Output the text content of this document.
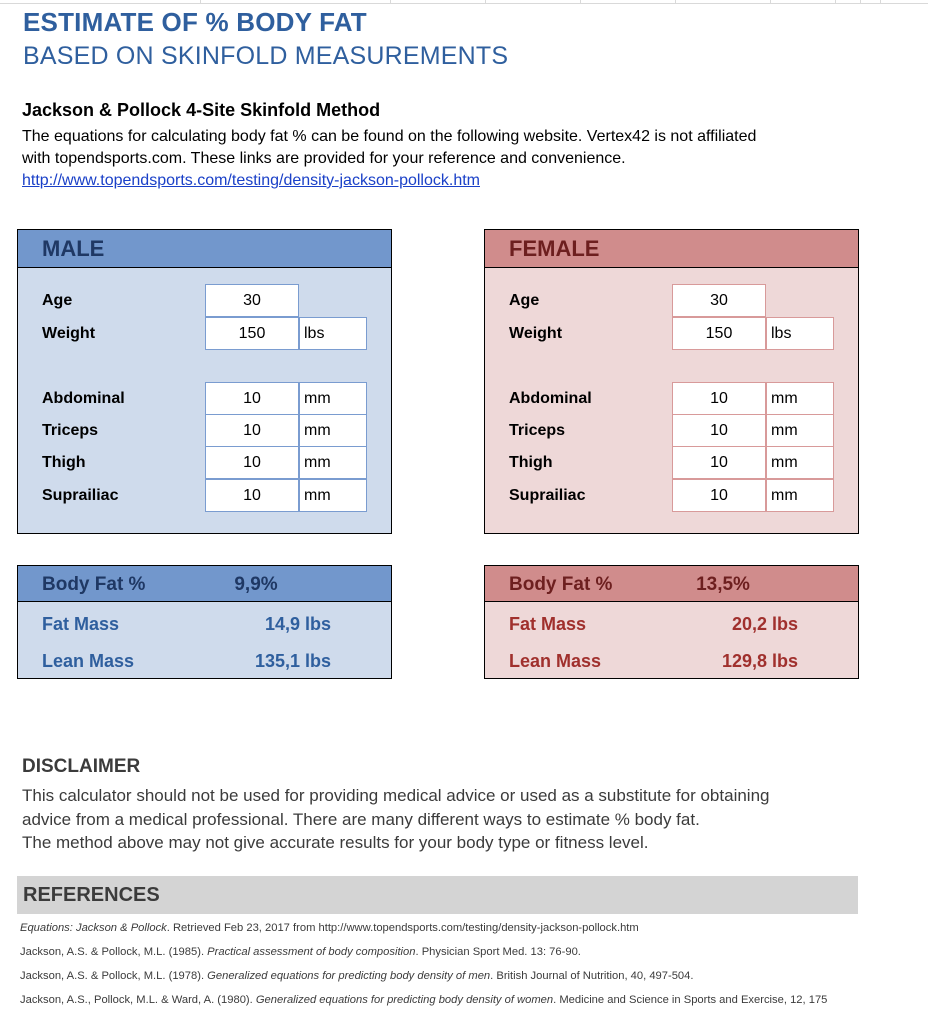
ESTIMATE OF % BODY FAT
BASED ON SKINFOLD MEASUREMENTS
Jackson & Pollock 4-Site Skinfold Method
The equations for calculating body fat % can be found on the following website. Vertex42 is not affiliated
with topendsports.com. These links are provided for your reference and convenience.
http://www.topendsports.com/testing/density-jackson-pollock.htm
MALE
Age	30
Weight	150	lbs
Abdominal	10	mm
Triceps	10	mm
Thigh	10	mm
Suprailiac	10	mm
FEMALE
Age	30
Weight	150	lbs
Abdominal	10	mm
Triceps	10	mm
Thigh	10	mm
Suprailiac	10	mm
Body Fat %	9,9%
Fat Mass	14,9 lbs
Lean Mass	135,1 lbs
Body Fat %	13,5%
Fat Mass	20,2 lbs
Lean Mass	129,8 lbs
DISCLAIMER
This calculator should not be used for providing medical advice or used as a substitute for obtaining
advice from a medical professional. There are many different ways to estimate % body fat.
The method above may not give accurate results for your body type or fitness level.
REFERENCES
Equations: Jackson & Pollock. Retrieved Feb 23, 2017 from http://www.topendsports.com/testing/density-jackson-pollock.htm
Jackson, A.S. & Pollock, M.L. (1985). Practical assessment of body composition. Physician Sport Med. 13: 76-90.
Jackson, A.S. & Pollock, M.L. (1978). Generalized equations for predicting body density of men. British Journal of Nutrition, 40, 497-504.
Jackson, A.S., Pollock, M.L. & Ward, A. (1980). Generalized equations for predicting body density of women. Medicine and Science in Sports and Exercise, 12, 175
